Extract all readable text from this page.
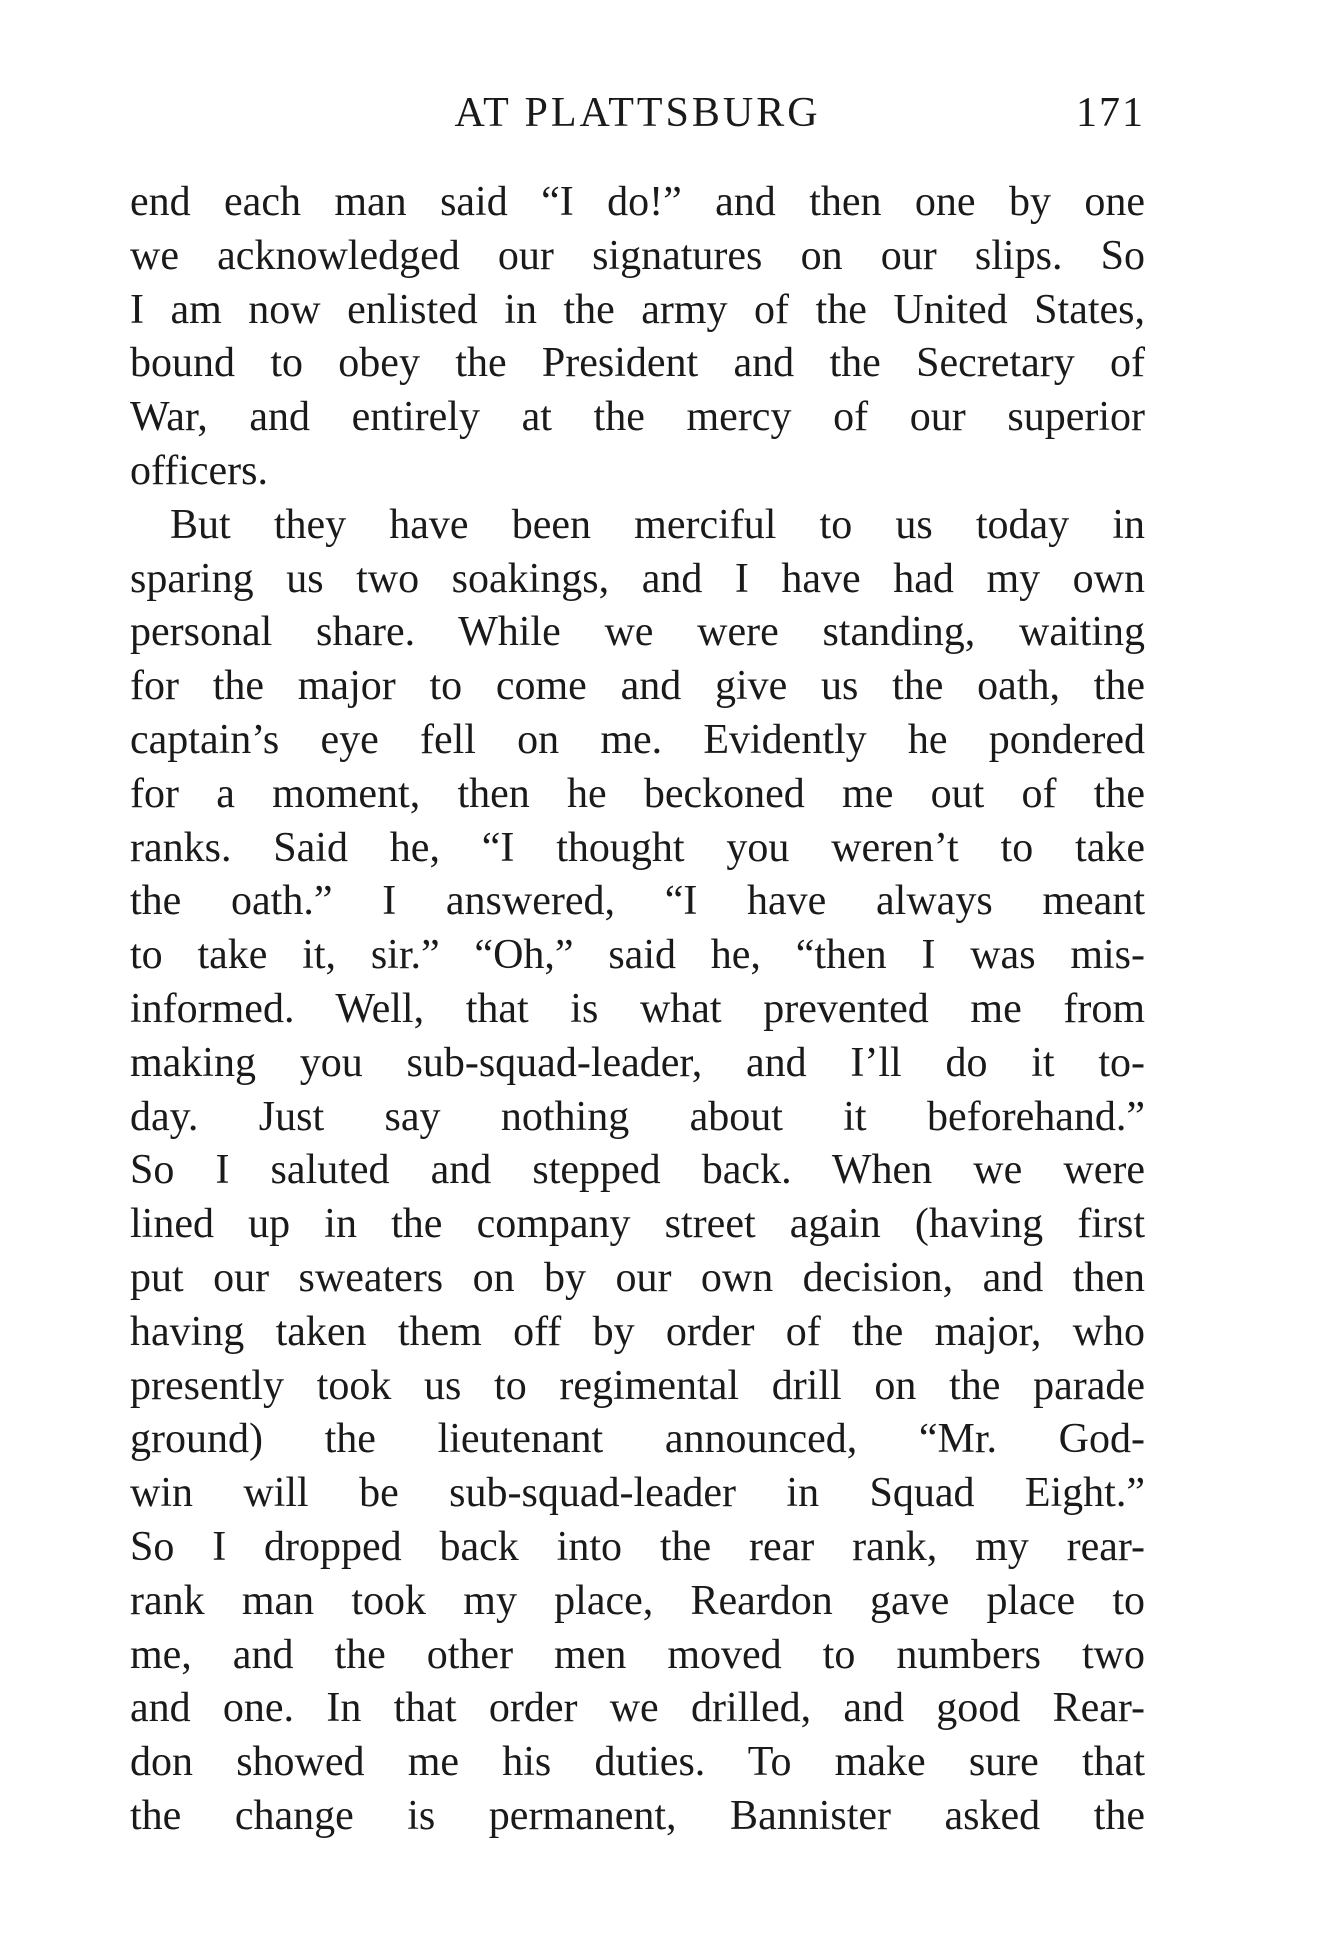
AT PLATTSBURG	171
end each man said “I do!” and then one by one
we acknowledged our signatures on our slips. So
I am now enlisted in the army of the United States,
bound to obey the President and the Secretary of
War, and entirely at the mercy of our superior
officers.
But they have been merciful to us today in
sparing us two soakings, and I have had my own
personal share. While we were standing, waiting
for the major to come and give us the oath, the
captain’s eye fell on me. Evidently he pondered
for a moment, then he beckoned me out of the
ranks. Said he, “I thought you weren’t to take
the oath.” I answered, “I have always meant
to take it, sir.” “Oh,” said he, “then I was mis-
informed. Well, that is what prevented me from
making you sub-squad-leader, and I’ll do it to-
day. Just say nothing about it beforehand.”
So I saluted and stepped back. When we were
lined up in the company street again (having first
put our sweaters on by our own decision, and then
having taken them off by order of the major, who
presently took us to regimental drill on the parade
ground) the lieutenant announced, “Mr. God-
win will be sub-squad-leader in Squad Eight.”
So I dropped back into the rear rank, my rear-
rank man took my place, Reardon gave place to
me, and the other men moved to numbers two
and one. In that order we drilled, and good Rear-
don showed me his duties. To make sure that
the change is permanent, Bannister asked the
